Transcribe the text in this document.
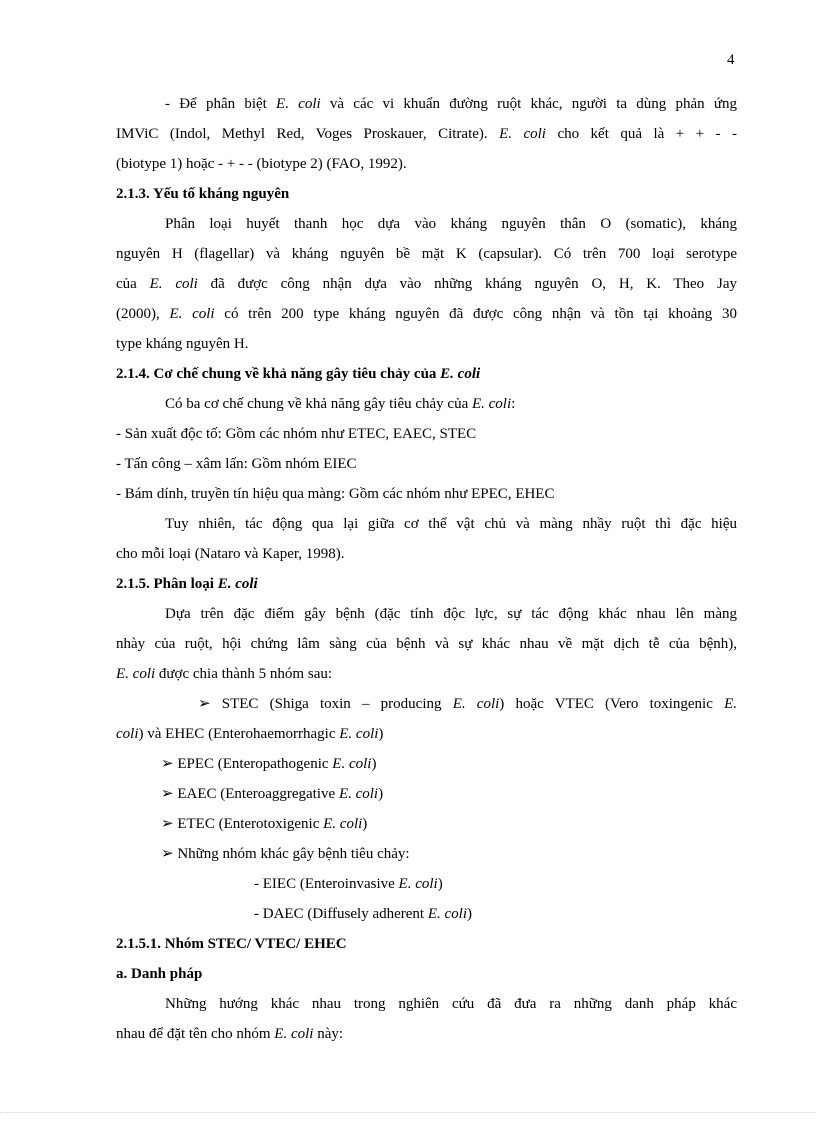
4
- Để phân biệt E. coli và các vi khuẩn đường ruột khác, người ta dùng phản ứng
IMViC (Indol, Methyl Red, Voges Proskauer, Citrate). E. coli cho kết quả là + + - -
(biotype 1) hoặc - + - - (biotype 2) (FAO, 1992).
2.1.3. Yếu tố kháng nguyên
Phân loại huyết thanh học dựa vào kháng nguyên thân O (somatic), kháng
nguyên H (flagellar) và kháng nguyên bề mặt K (capsular). Có trên 700 loại serotype
của E. coli đã được công nhận dựa vào những kháng nguyên O, H, K. Theo Jay
(2000), E. coli có trên 200 type kháng nguyên đã được công nhận và tồn tại khoảng 30
type kháng nguyên H.
2.1.4. Cơ chế chung về khả năng gây tiêu chảy của E. coli
Có ba cơ chế chung về khả năng gây tiêu chảy của E. coli:
- Sản xuất độc tố: Gồm các nhóm như ETEC, EAEC, STEC
- Tấn công – xâm lấn: Gồm nhóm EIEC
- Bám dính, truyền tín hiệu qua màng: Gồm các nhóm như EPEC, EHEC
Tuy nhiên, tác động qua lại giữa cơ thể vật chủ và màng nhầy ruột thì đặc hiệu
cho mỗi loại (Nataro và Kaper, 1998).
2.1.5. Phân loại E. coli
Dựa trên đặc điểm gây bệnh (đặc tính độc lực, sự tác động khác nhau lên màng
nhày của ruột, hội chứng lâm sàng của bệnh và sự khác nhau về mặt dịch tễ của bệnh),
E. coli được chia thành 5 nhóm sau:
➢ STEC (Shiga toxin – producing E. coli) hoặc VTEC (Vero toxingenic E.
coli) và EHEC (Enterohaemorrhagic E. coli)
➢ EPEC (Enteropathogenic E. coli)
➢ EAEC (Enteroaggregative E. coli)
➢ ETEC (Enterotoxigenic E. coli)
➢ Những nhóm khác gây bệnh tiêu chảy:
- EIEC (Enteroinvasive E. coli)
- DAEC (Diffusely adherent E. coli)
2.1.5.1. Nhóm STEC/ VTEC/ EHEC
a. Danh pháp
Những hướng khác nhau trong nghiên cứu đã đưa ra những danh pháp khác
nhau để đặt tên cho nhóm E. coli này:
